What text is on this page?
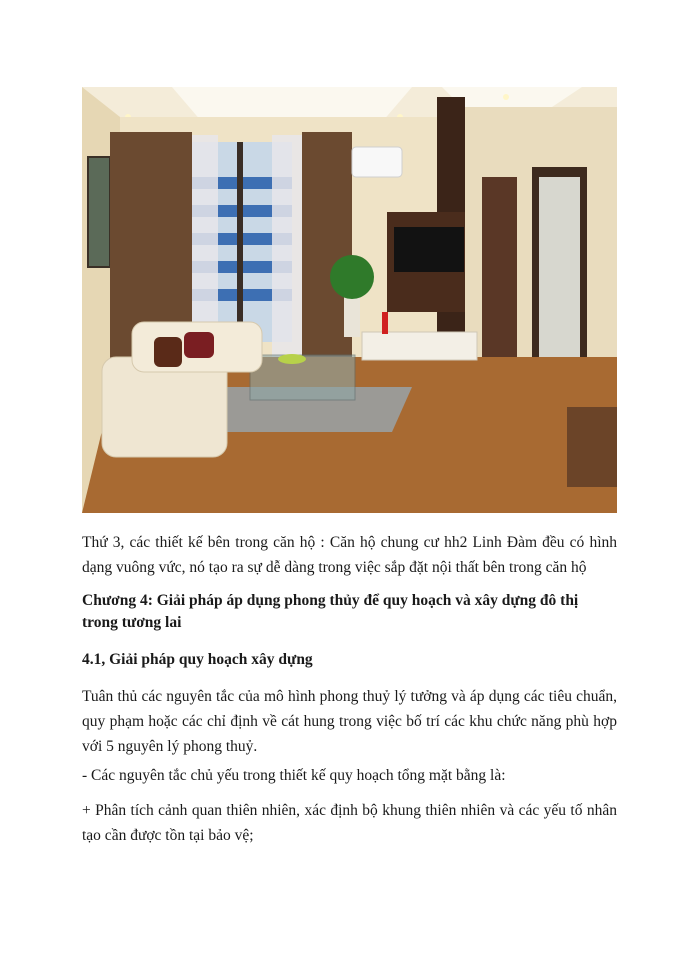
Thứ 3, các thiết kế bên trong căn hộ : Căn hộ chung cư hh2 Linh Đàm đều có hình dạng vuông vức, nó tạo ra sự dễ dàng trong việc sắp đặt nội thất bên trong căn hộ

Chương 4: Giải pháp áp dụng phong thủy để quy hoạch và xây dựng đô thị trong tương lai

4.1, Giải pháp quy hoạch xây dựng

Tuân thủ các nguyên tắc của mô hình phong thuỷ lý tưởng và áp dụng các tiêu chuẩn, quy phạm hoặc các chỉ định về cát hung trong việc bố trí các khu chức năng phù hợp với 5 nguyên lý phong thuỷ.

- Các nguyên tắc chủ yếu trong thiết kế quy hoạch tổng mặt bằng là:

+ Phân tích cảnh quan thiên nhiên, xác định bộ khung thiên nhiên và các yếu tố nhân tạo cần được tồn tại bảo vệ;
